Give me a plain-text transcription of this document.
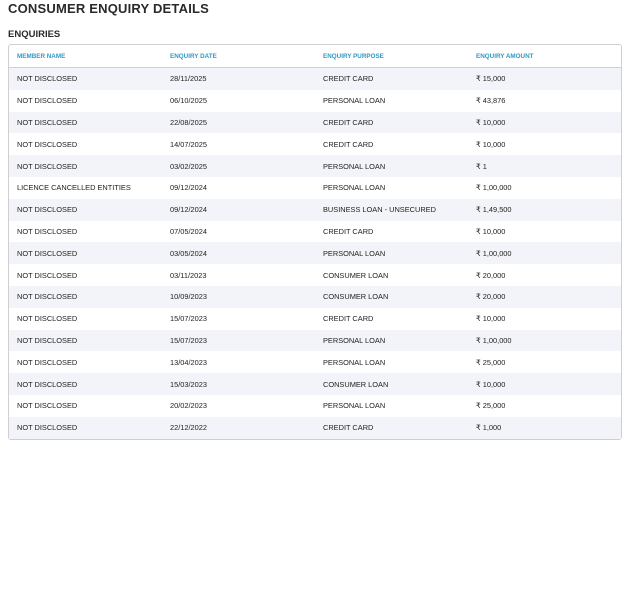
CONSUMER ENQUIRY DETAILS
ENQUIRIES
MEMBER NAME	ENQUIRY DATE	ENQUIRY PURPOSE	ENQUIRY AMOUNT
NOT DISCLOSED	28/11/2025	CREDIT CARD	₹ 15,000
NOT DISCLOSED	06/10/2025	PERSONAL LOAN	₹ 43,876
NOT DISCLOSED	22/08/2025	CREDIT CARD	₹ 10,000
NOT DISCLOSED	14/07/2025	CREDIT CARD	₹ 10,000
NOT DISCLOSED	03/02/2025	PERSONAL LOAN	₹ 1
LICENCE CANCELLED ENTITIES	09/12/2024	PERSONAL LOAN	₹ 1,00,000
NOT DISCLOSED	09/12/2024	BUSINESS LOAN - UNSECURED	₹ 1,49,500
NOT DISCLOSED	07/05/2024	CREDIT CARD	₹ 10,000
NOT DISCLOSED	03/05/2024	PERSONAL LOAN	₹ 1,00,000
NOT DISCLOSED	03/11/2023	CONSUMER LOAN	₹ 20,000
NOT DISCLOSED	10/09/2023	CONSUMER LOAN	₹ 20,000
NOT DISCLOSED	15/07/2023	CREDIT CARD	₹ 10,000
NOT DISCLOSED	15/07/2023	PERSONAL LOAN	₹ 1,00,000
NOT DISCLOSED	13/04/2023	PERSONAL LOAN	₹ 25,000
NOT DISCLOSED	15/03/2023	CONSUMER LOAN	₹ 10,000
NOT DISCLOSED	20/02/2023	PERSONAL LOAN	₹ 25,000
NOT DISCLOSED	22/12/2022	CREDIT CARD	₹ 1,000
